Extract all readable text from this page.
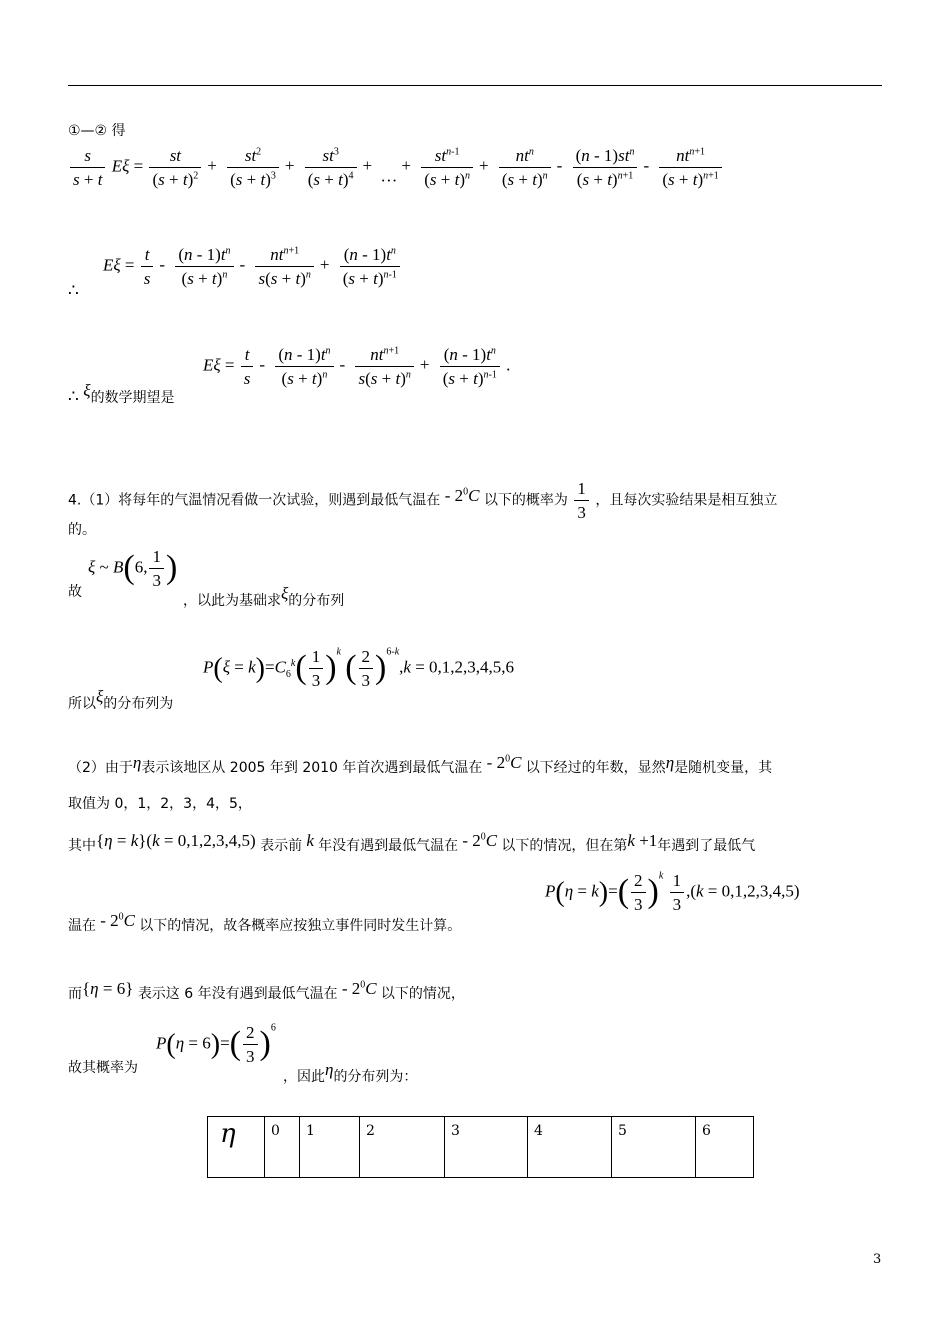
①—② 得
$\frac{s}{s + t}$ $E\xi = \frac{st}{(s + t)^2} + \frac{st^2}{(s + t)^3} + \frac{st^3}{(s + t)^4}$ + …+ $\frac{st^{n-1}}{(s + t)^n} + \frac{nt^n}{(s + t)^n} - \frac{(n - 1)st^n}{(s + t)^{n+1}} - \frac{nt^{n+1}}{(s + t)^{n+1}}$
∴
$E\xi = \frac{t}{s} - \frac{(n - 1)t^n}{(s + t)^n} - \frac{nt^{n+1}}{s(s + t)^n} + \frac{(n - 1)t^n}{(s + t)^{n-1}}$
∴ ξ的数学期望是
$E\xi = \frac{t}{s} - \frac{(n - 1)t^n}{(s + t)^n} - \frac{nt^{n+1}}{s(s + t)^n} + \frac{(n - 1)t^n}{(s + t)^{n-1}}$ .
4.（1）将每年的气温情况看做一次试验，则遇到最低气温在 - $2^0C$ 以下的概率为 $\frac{1}{3}$ ，且每次实验结果是相互独立
的。
故
ξ ~ B(6, $\frac{1}{3}$ )
，以此为基础求ξ的分布列
所以ξ的分布列为
$P(\xi = k)=C_6^k( \frac{1}{3} )^k$ ( $\frac{2}{3} )^{6-k},k = 0,1,2,3,4,5,6$
（2）由于η表示该地区从 2005 年到 2010 年首次遇到最低气温在 - $2^0C$ 以下经过的年数，显然η是随机变量，其
取值为 0，1，2，3，4，5，
其中{η = k}(k = 0,1,2,3,4,5) 表示前 k 年没有遇到最低气温在 - $2^0C$ 以下的情况，但在第k +1年遇到了最低气
温在 - $2^0C$ 以下的情况，故各概率应按独立事件同时发生计算。
$P(\eta = k)=( \frac{2}{3} )^k \frac{1}{3} ,(k = 0,1,2,3,4,5)$
而{η = 6} 表示这 6 年没有遇到最低气温在 - $2^0C$ 以下的情况，
故其概率为
$P(\eta = 6)=( \frac{2}{3} )^6$
，因此η的分布列为：
η	0	1	2	3	4	5	6
3
